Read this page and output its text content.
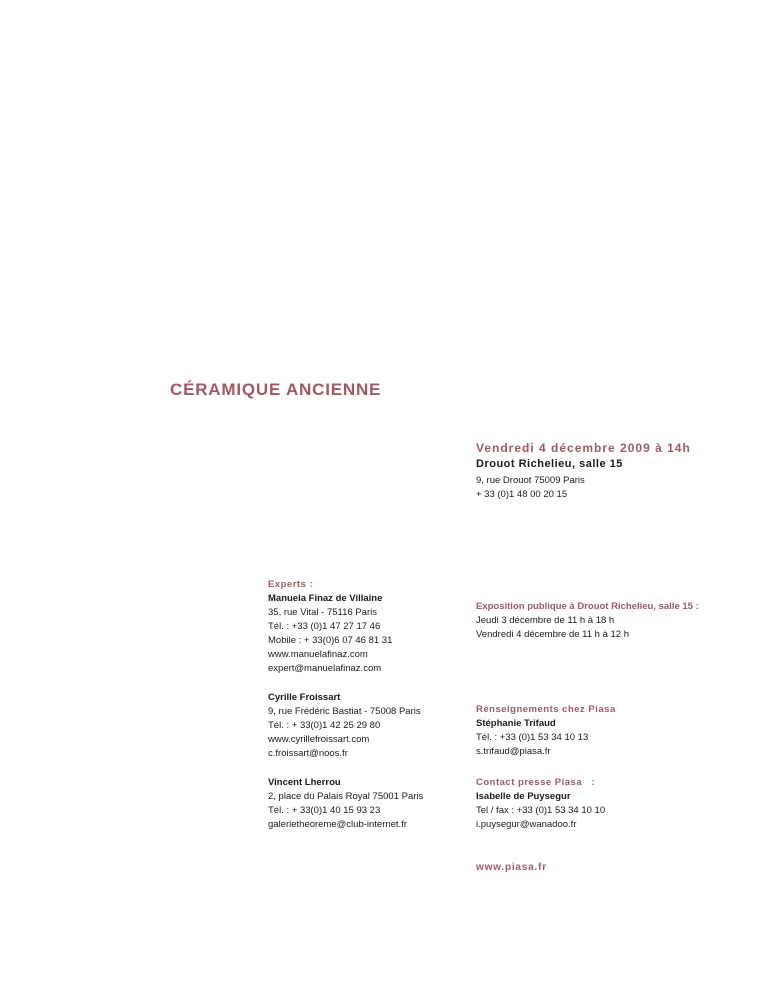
CÉRAMIQUE ANCIENNE
Vendredi 4 décembre 2009 à 14h
Drouot Richelieu, salle 15
9, rue Drouot 75009 Paris
+ 33 (0)1 48 00 20 15
Experts :
Manuela Finaz de Villaine
35, rue Vital - 75116 Paris
Tél. : +33 (0)1 47 27 17 46
Mobile : + 33(0)6 07 46 81 31
www.manuelafinaz.com
expert@manuelafinaz.com
Cyrille Froissart
9, rue Frédéric Bastiat - 75008 Paris
Tél. : + 33(0)1 42 25 29 80
www.cyrillefroissart.com
c.froissart@noos.fr
Vincent Lherrou
2, place du Palais Royal 75001 Paris
Tél. : + 33(0)1 40 15 93 23
galerietheoreme@club-internet.fr
Exposition publique à Drouot Richelieu, salle 15 :
Jeudi 3 décembre de 11 h à 18 h
Vendredi 4 décembre de 11 h à 12 h
Renseignements chez Piasa
Stéphanie Trifaud
Tél. : +33 (0)1 53 34 10 13
s.trifaud@piasa.fr
Contact presse Piasa   :
Isabelle de Puysegur
Tel / fax : +33 (0)1 53 34 10 10
i.puysegur@wanadoo.fr
www.piasa.fr
